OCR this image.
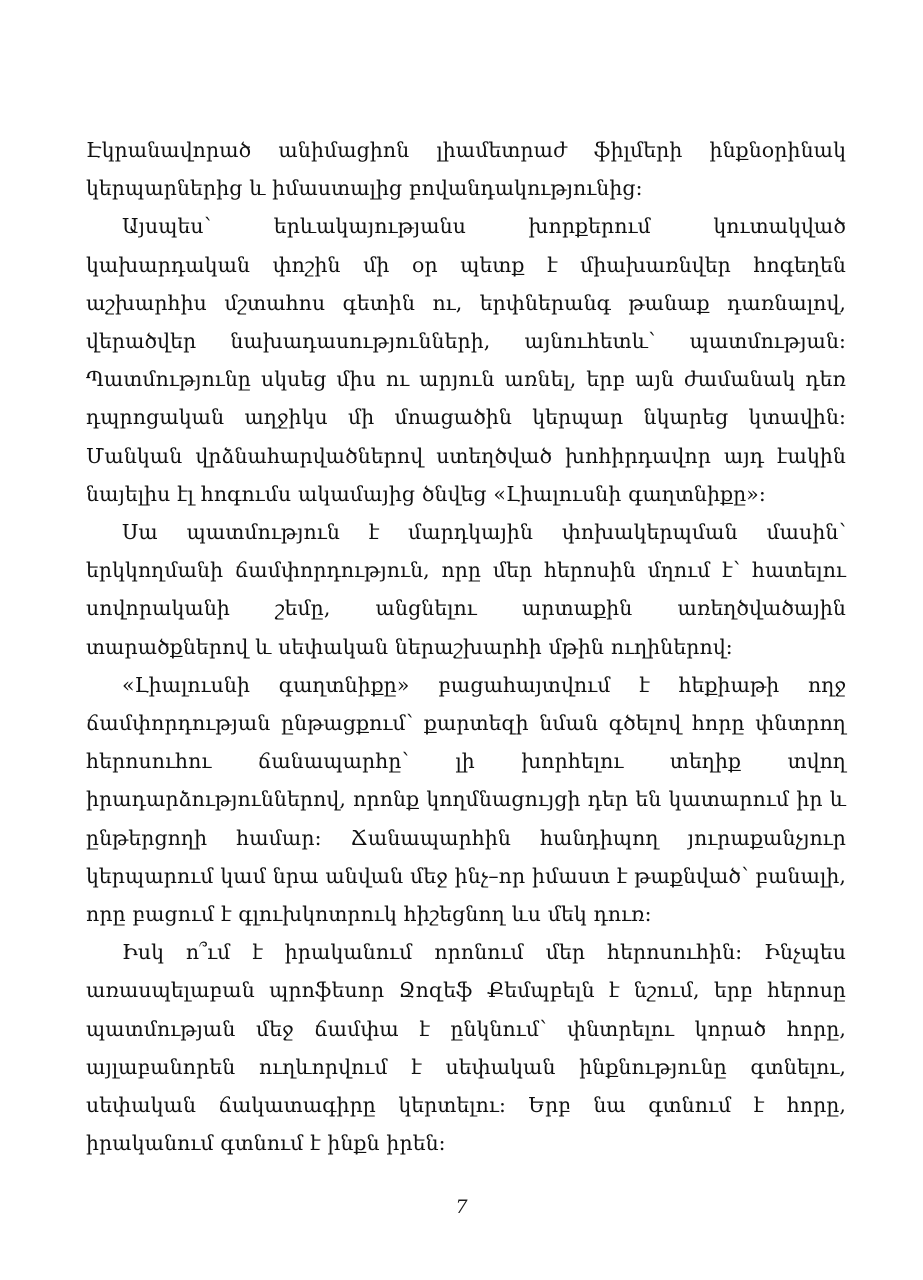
Էկրանավորած անիմացիոն լիամետրաժ ֆիլմերի ինքնօրինակ կերպարներից և իմաստալից բովանդակությունից:

Այսպես՝ երևակայությանս խորքերում կուտակված կախարդական փոշին մի օր պետք է միախառնվեր հոգեղեն աշխարհիս մշտահոս գետին ու, երփներանգ թանաք դառնալով, վերածվեր նախադասությունների, այնուհետև՝ պատմության: Պատմությունը սկսեց միս ու արյուն առնել, երբ այն ժամանակ դեռ դպրոցական աղջիկս մի մոացածին կերպար նկարեց կտավին: Մանկան վրձնահարվածներով ստեղծված խոհիրդավոր այդ էակին նայելիս էլ հոգումս ակամայից ծնվեց «Լիալուսնի գաղտնիքը»:

Սա պատմություն է մարդկային փոխակերպման մասին՝ երկկողմանի ճամփորդություն, որը մեր հերոսին մղում է՝ հատելու սովորականի շեմը, անցնելու արտաքին առեղծվածային տարածքներով և սեփական ներաշխարհի մթին ուղիներով:

«Լիալուսնի գաղտնիքը» բացահայտվում է հեքիաթի ողջ ճամփորդության ընթացքում՝ քարտեզի նման գծելով հորը փնտրող հերոսուհու ճանապարհը՝ լի խորհելու տեղիք տվող իրադարձություններով, որոնք կողմնացույցի դեր են կատարում իր և ընթերցողի համար: Ճանապարհին հանդիպող յուրաքանչյուր կերպարում կամ նրա անվան մեջ ինչ–որ իմաստ է թաքնված՝ բանալի, որը բացում է գլուխկոտրուկ հիշեցնող ևս մեկ դուռ:

Իսկ ո՞ւմ է իրականում որոնում մեր հերոսուհին: Ինչպես առասպելաբան պրոֆեսոր Ջոզեֆ Քեմպբելն է նշում, երբ հերոսը պատմության մեջ ճամփա է ընկնում՝ փնտրելու կորած հորը, այլաբանորեն ուղևորվում է սեփական ինքնությունը գտնելու, սեփական ճակատագիրը կերտելու: Երբ նա գտնում է հորը, իրականում գտնում է ինքն իրեն:

7
